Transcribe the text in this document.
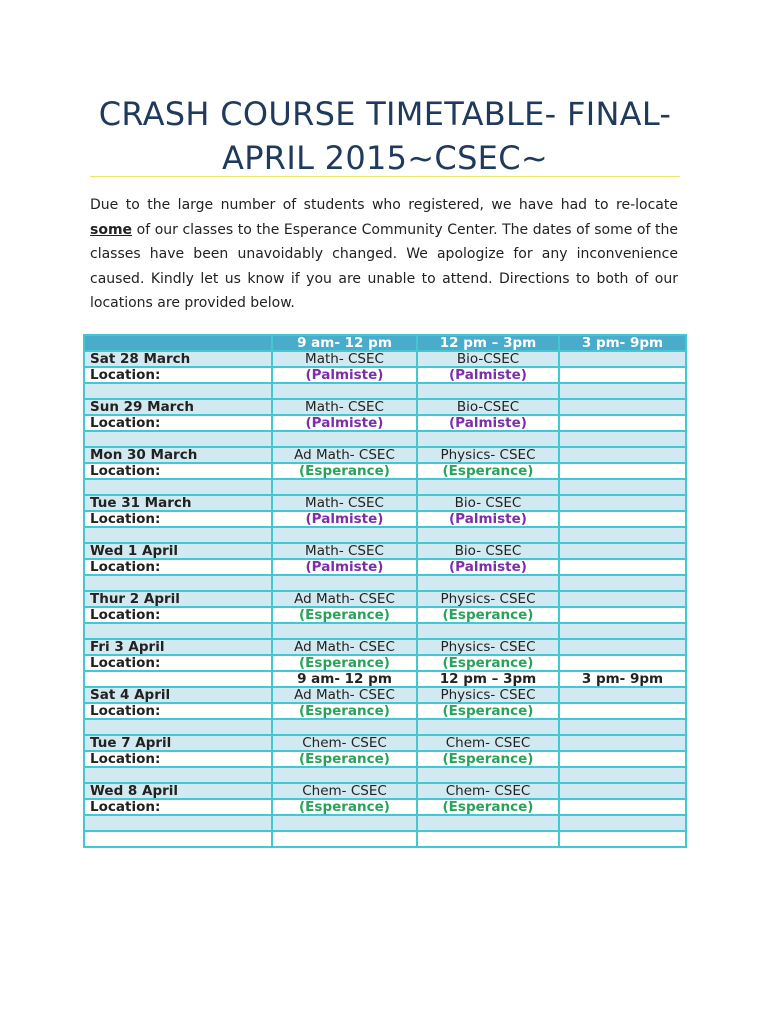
CRASH COURSE TIMETABLE- FINAL-
APRIL 2015~CSEC~

Due to the large number of students who registered, we have had to re-locate some of our classes to the Esperance Community Center. The dates of some of the classes have been unavoidably changed. We apologize for any inconvenience caused. Kindly let us know if you are unable to attend. Directions to both of our locations are provided below.

	9 am- 12 pm	12 pm – 3pm	3 pm- 9pm
Sat 28 March	Math- CSEC	Bio-CSEC	
Location:	(Palmiste)	(Palmiste)	

Sun 29 March	Math- CSEC	Bio-CSEC	
Location:	(Palmiste)	(Palmiste)	

Mon 30 March	Ad Math- CSEC	Physics- CSEC	
Location:	(Esperance)	(Esperance)	

Tue 31 March	Math- CSEC	Bio- CSEC	
Location:	(Palmiste)	(Palmiste)	

Wed 1 April	Math- CSEC	Bio- CSEC	
Location:	(Palmiste)	(Palmiste)	

Thur 2 April	Ad Math- CSEC	Physics- CSEC	
Location:	(Esperance)	(Esperance)	

Fri 3 April	Ad Math- CSEC	Physics- CSEC	
Location:	(Esperance)	(Esperance)	
	9 am- 12 pm	12 pm – 3pm	3 pm- 9pm
Sat 4 April	Ad Math- CSEC	Physics- CSEC	
Location:	(Esperance)	(Esperance)	

Tue 7 April	Chem- CSEC	Chem- CSEC	
Location:	(Esperance)	(Esperance)	

Wed 8 April	Chem- CSEC	Chem- CSEC	
Location:	(Esperance)	(Esperance)	
